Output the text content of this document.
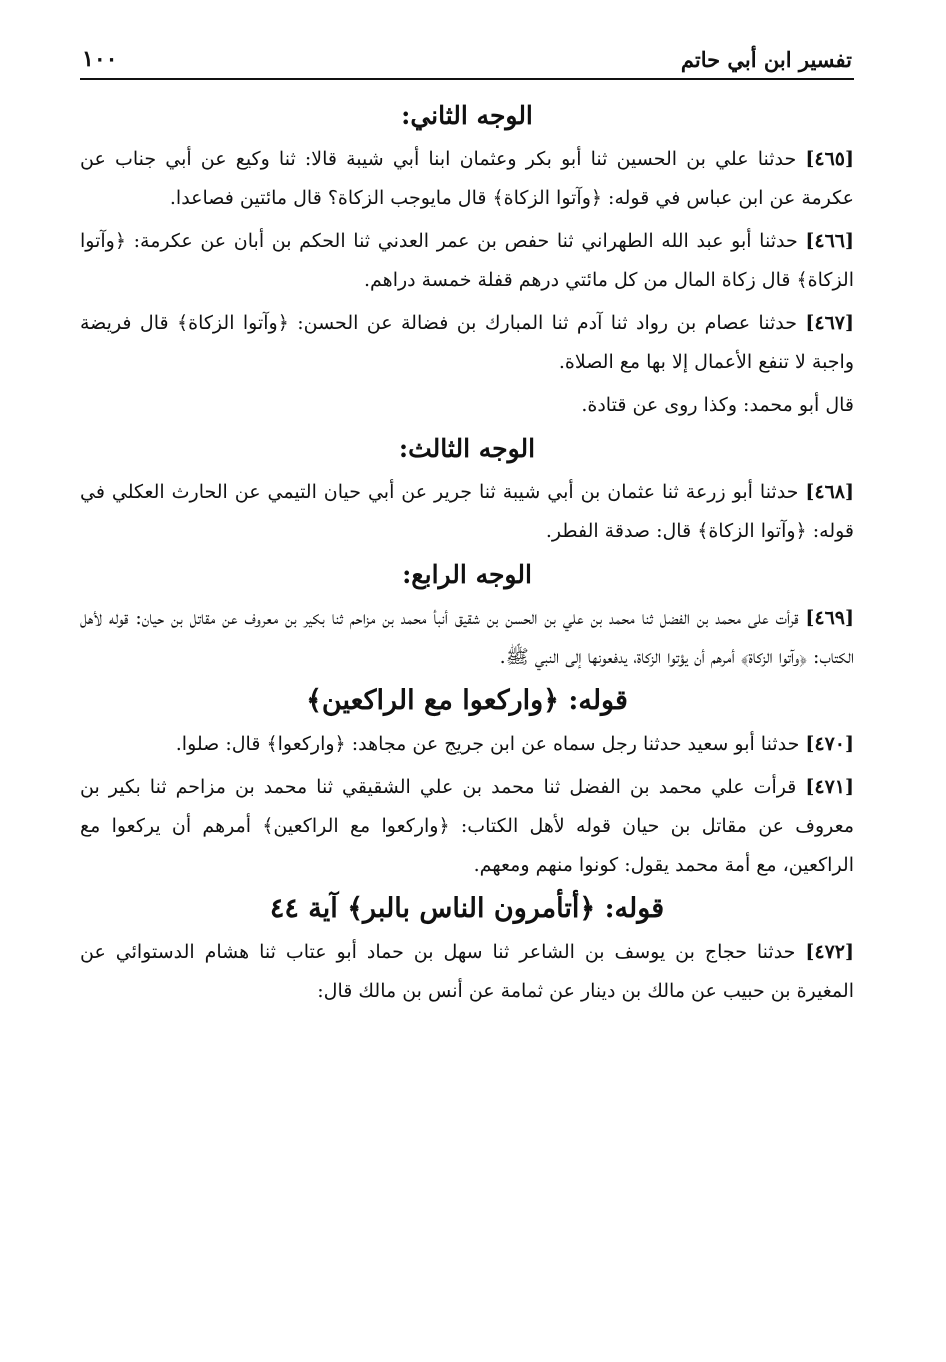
تفسير ابن أبي حاتم
١٠٠
الوجه الثاني:

[٤٦٥] حدثنا علي بن الحسين ثنا أبو بكر وعثمان ابنا أبي شيبة قالا: ثنا وكيع عن أبي جناب عن عكرمة عن ابن عباس في قوله: ﴿وآتوا الزكاة﴾ قال مايوجب الزكاة؟ قال مائتين فصاعدا.

[٤٦٦] حدثنا أبو عبد الله الطهراني ثنا حفص بن عمر العدني ثنا الحكم بن أبان عن عكرمة: ﴿وآتوا الزكاة﴾ قال زكاة المال من كل مائتي درهم قفلة خمسة دراهم.

[٤٦٧] حدثنا عصام بن رواد ثنا آدم ثنا المبارك بن فضالة عن الحسن: ﴿وآتوا الزكاة﴾ قال فريضة واجبة لا تنفع الأعمال إلا بها مع الصلاة.

قال أبو محمد: وكذا روى عن قتادة.

الوجه الثالث:

[٤٦٨] حدثنا أبو زرعة ثنا عثمان بن أبي شيبة ثنا جرير عن أبي حيان التيمي عن الحارث العكلي في قوله: ﴿وآتوا الزكاة﴾ قال: صدقة الفطر.

الوجه الرابع:

[٤٦٩] قرأت على محمد بن الفضل ثنا محمد بن علي بن الحسن بن شقيق أنبأ محمد بن مزاحم ثنا بكير بن معروف عن مقاتل بن حيان: قوله لأهل الكتاب: ﴿وآتوا الزكاة﴾ أمرهم أن يؤتوا الزكاة، يدفعونها إلى النبي ﷺ.

قوله: ﴿واركعوا مع الراكعين﴾

[٤٧٠] حدثنا أبو سعيد حدثنا رجل سماه عن ابن جريج عن مجاهد: ﴿واركعوا﴾ قال: صلوا.

[٤٧١] قرأت علي محمد بن الفضل ثنا محمد بن علي الشقيقي ثنا محمد بن مزاحم ثنا بكير بن معروف عن مقاتل بن حيان قوله لأهل الكتاب: ﴿واركعوا مع الراكعين﴾ أمرهم أن يركعوا مع الراكعين، مع أمة محمد يقول: كونوا منهم ومعهم.

قوله: ﴿أتأمرون الناس بالبر﴾ آية ٤٤

[٤٧٢] حدثنا حجاج بن يوسف بن الشاعر ثنا سهل بن حماد أبو عتاب ثنا هشام الدستوائي عن المغيرة بن حبيب عن مالك بن دينار عن ثمامة عن أنس بن مالك قال:
